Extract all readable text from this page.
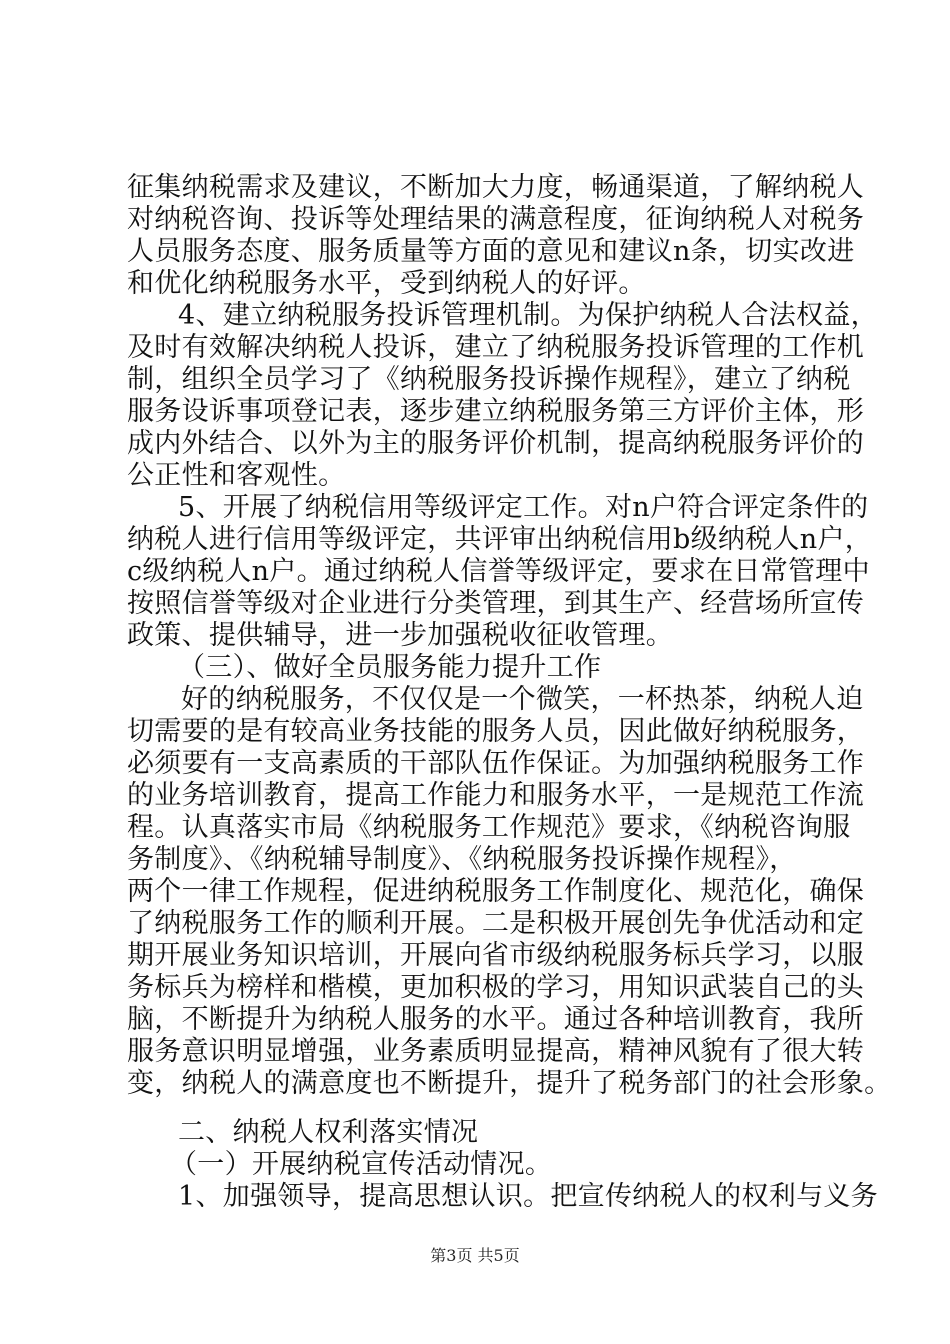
征集纳税需求及建议，不断加大力度，畅通渠道，了解纳税人

对纳税咨询、投诉等处理结果的满意程度，征询纳税人对税务

人员服务态度、服务质量等方面的意见和建议n条，切实改进

和优化纳税服务水平，受到纳税人的好评。

4、建立纳税服务投诉管理机制。为保护纳税人合法权益，

及时有效解决纳税人投诉，建立了纳税服务投诉管理的工作机

制，组织全员学习了《纳税服务投诉操作规程》，建立了纳税

服务设诉事项登记表，逐步建立纳税服务第三方评价主体，形

成内外结合、以外为主的服务评价机制，提高纳税服务评价的

公正性和客观性。

5、开展了纳税信用等级评定工作。对n户符合评定条件的

纳税人进行信用等级评定，共评审出纳税信用b级纳税人n户，

c级纳税人n户。通过纳税人信誉等级评定，要求在日常管理中

按照信誉等级对企业进行分类管理，到其生产、经营场所宣传

政策、提供辅导，进一步加强税收征收管理。

（三）、做好全员服务能力提升工作

好的纳税服务，不仅仅是一个微笑，一杯热茶，纳税人迫

切需要的是有较高业务技能的服务人员，因此做好纳税服务，

必须要有一支高素质的干部队伍作保证。为加强纳税服务工作

的业务培训教育，提高工作能力和服务水平，一是规范工作流

程。认真落实市局《纳税服务工作规范》要求，《纳税咨询服

务制度》、《纳税辅导制度》、《纳税服务投诉操作规程》，

两个一律工作规程，促进纳税服务工作制度化、规范化，确保

了纳税服务工作的顺利开展。二是积极开展创先争优活动和定

期开展业务知识培训，开展向省市级纳税服务标兵学习，以服

务标兵为榜样和楷模，更加积极的学习，用知识武装自己的头

脑，不断提升为纳税人服务的水平。通过各种培训教育，我所

服务意识明显增强，业务素质明显提高，精神风貌有了很大转

变，纳税人的满意度也不断提升，提升了税务部门的社会形象。

二、纳税人权利落实情况

（一）开展纳税宣传活动情况。

1、加强领导，提高思想认识。把宣传纳税人的权利与义务

第3页 共5页
